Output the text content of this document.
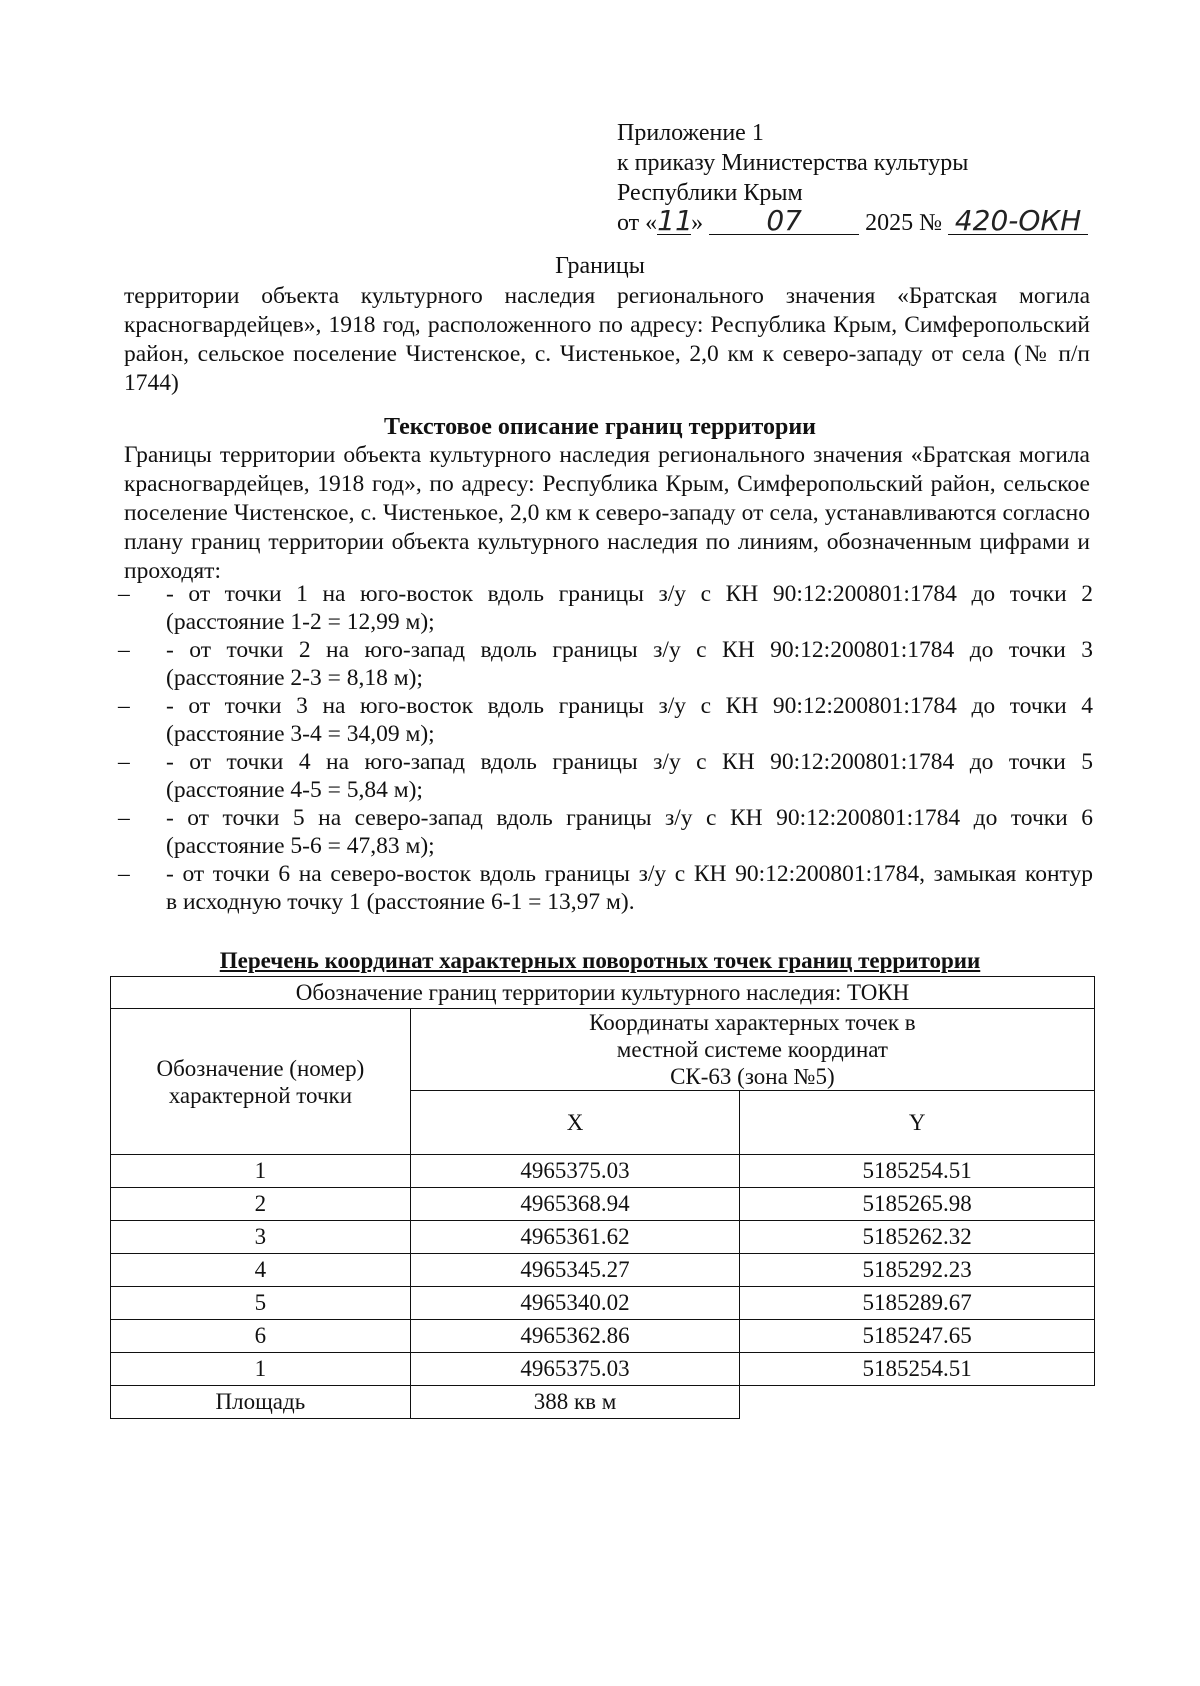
Приложение 1
к приказу Министерства культуры
Республики Крым
от «11» 07	2025 № 420-ОКН
Границы
территории объекта культурного наследия регионального значения «Братская могила красногвардейцев», 1918 год, расположенного по адресу: Республика Крым, Симферопольский район, сельское поселение Чистенское, с. Чистенькое, 2,0 км к северо-западу от села (№ п/п 1744)
Текстовое описание границ территории
Границы территории объекта культурного наследия регионального значения «Братская могила красногвардейцев, 1918 год», по адресу: Республика Крым, Симферопольский район, сельское поселение Чистенское, с. Чистенькое, 2,0 км к северо-западу от села, устанавливаются согласно плану границ территории объекта культурного наследия по линиям, обозначенным цифрами и проходят:
– - от точки 1 на юго-восток вдоль границы з/у с КН 90:12:200801:1784 до точки 2
(расстояние 1-2 = 12,99 м);
– - от точки 2 на юго-запад вдоль границы з/у с КН 90:12:200801:1784 до точки 3
(расстояние 2-3 = 8,18 м);
– - от точки 3 на юго-восток вдоль границы з/у с КН 90:12:200801:1784 до точки 4
(расстояние 3-4 = 34,09 м);
– - от точки 4 на юго-запад вдоль границы з/у с КН 90:12:200801:1784 до точки 5
(расстояние 4-5 = 5,84 м);
– - от точки 5 на северо-запад вдоль границы з/у с КН 90:12:200801:1784 до точки 6
(расстояние 5-6 = 47,83 м);
– - от точки 6 на северо-восток вдоль границы з/у с КН 90:12:200801:1784, замыкая контур
в исходную точку 1 (расстояние 6-1 = 13,97 м).
Перечень координат характерных поворотных точек границ территории
Обозначение границ территории культурного наследия: ТОКН		
Обозначение (номер) характерной точки	Координаты характерных точек в
местной системе координат
СК-63 (зона №5)	

	X	Y
1	4965375.03	5185254.51
2	4965368.94	5185265.98
3	4965361.62	5185262.32
4	4965345.27	5185292.23
5	4965340.02	5185289.67
6	4965362.86	5185247.65
1	4965375.03	5185254.51
Площадь	388 кв м	
